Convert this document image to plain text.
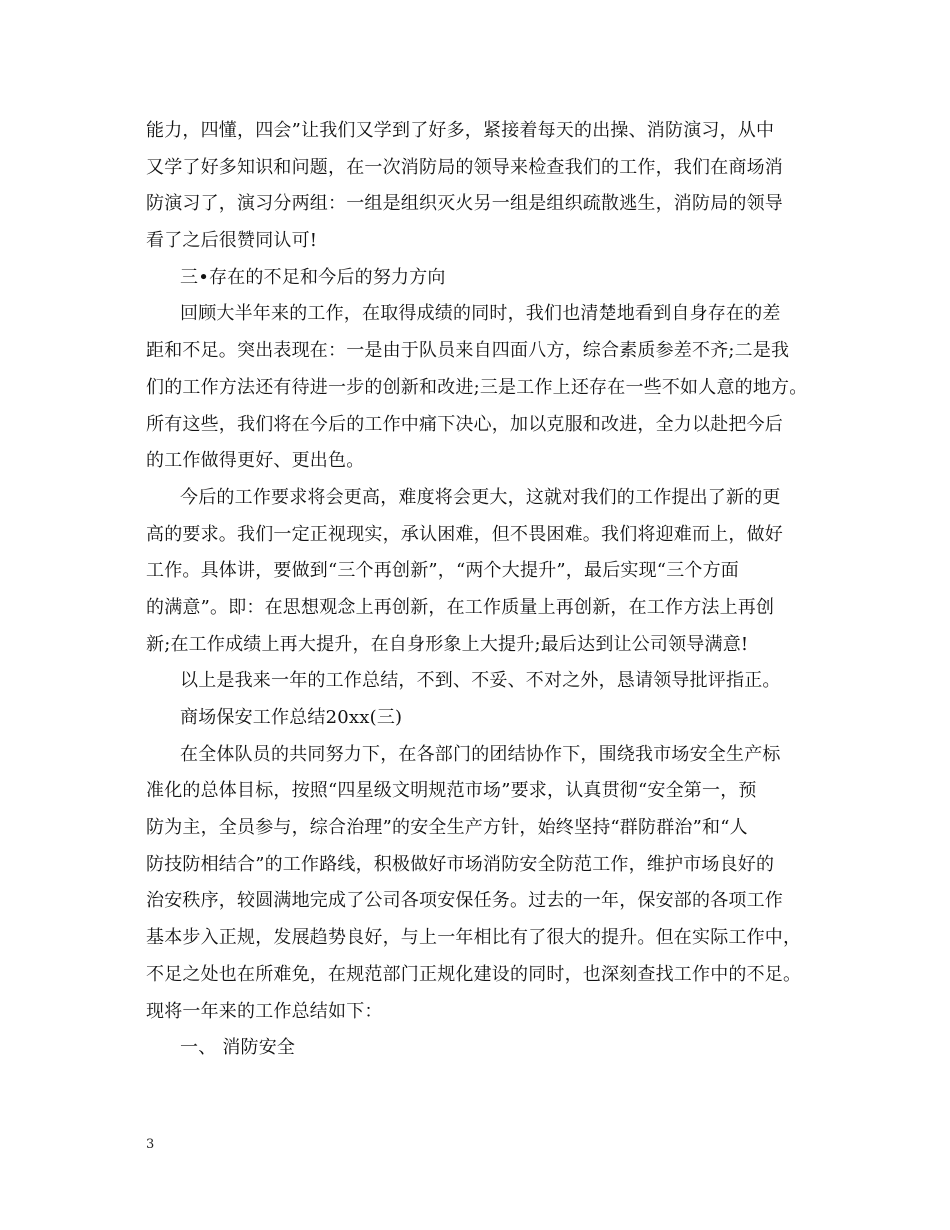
能力，四懂，四会”让我们又学到了好多，紧接着每天的出操、消防演习，从中
又学了好多知识和问题，在一次消防局的领导来检查我们的工作，我们在商场消
防演习了，演习分两组：一组是组织灭火另一组是组织疏散逃生，消防局的领导
看了之后很赞同认可!
三•存在的不足和今后的努力方向
回顾大半年来的工作，在取得成绩的同时，我们也清楚地看到自身存在的差
距和不足。突出表现在：一是由于队员来自四面八方，综合素质参差不齐;二是我
们的工作方法还有待进一步的创新和改进;三是工作上还存在一些不如人意的地方。
所有这些，我们将在今后的工作中痛下决心，加以克服和改进，全力以赴把今后
的工作做得更好、更出色。
今后的工作要求将会更高，难度将会更大，这就对我们的工作提出了新的更
高的要求。我们一定正视现实，承认困难，但不畏困难。我们将迎难而上，做好
工作。具体讲，要做到“三个再创新”，“两个大提升”，最后实现“三个方面
的满意”。即：在思想观念上再创新，在工作质量上再创新，在工作方法上再创
新;在工作成绩上再大提升，在自身形象上大提升;最后达到让公司领导满意!
以上是我来一年的工作总结，不到、不妥、不对之外，恳请领导批评指正。
商场保安工作总结20xx(三)
在全体队员的共同努力下，在各部门的团结协作下，围绕我市场安全生产标
准化的总体目标，按照“四星级文明规范市场”要求，认真贯彻“安全第一，预
防为主，全员参与，综合治理”的安全生产方针，始终坚持“群防群治”和“人
防技防相结合”的工作路线，积极做好市场消防安全防范工作，维护市场良好的
治安秩序，较圆满地完成了公司各项安保任务。过去的一年，保安部的各项工作
基本步入正规，发展趋势良好，与上一年相比有了很大的提升。但在实际工作中，
不足之处也在所难免，在规范部门正规化建设的同时，也深刻查找工作中的不足。
现将一年来的工作总结如下：
一、 消防安全
3
